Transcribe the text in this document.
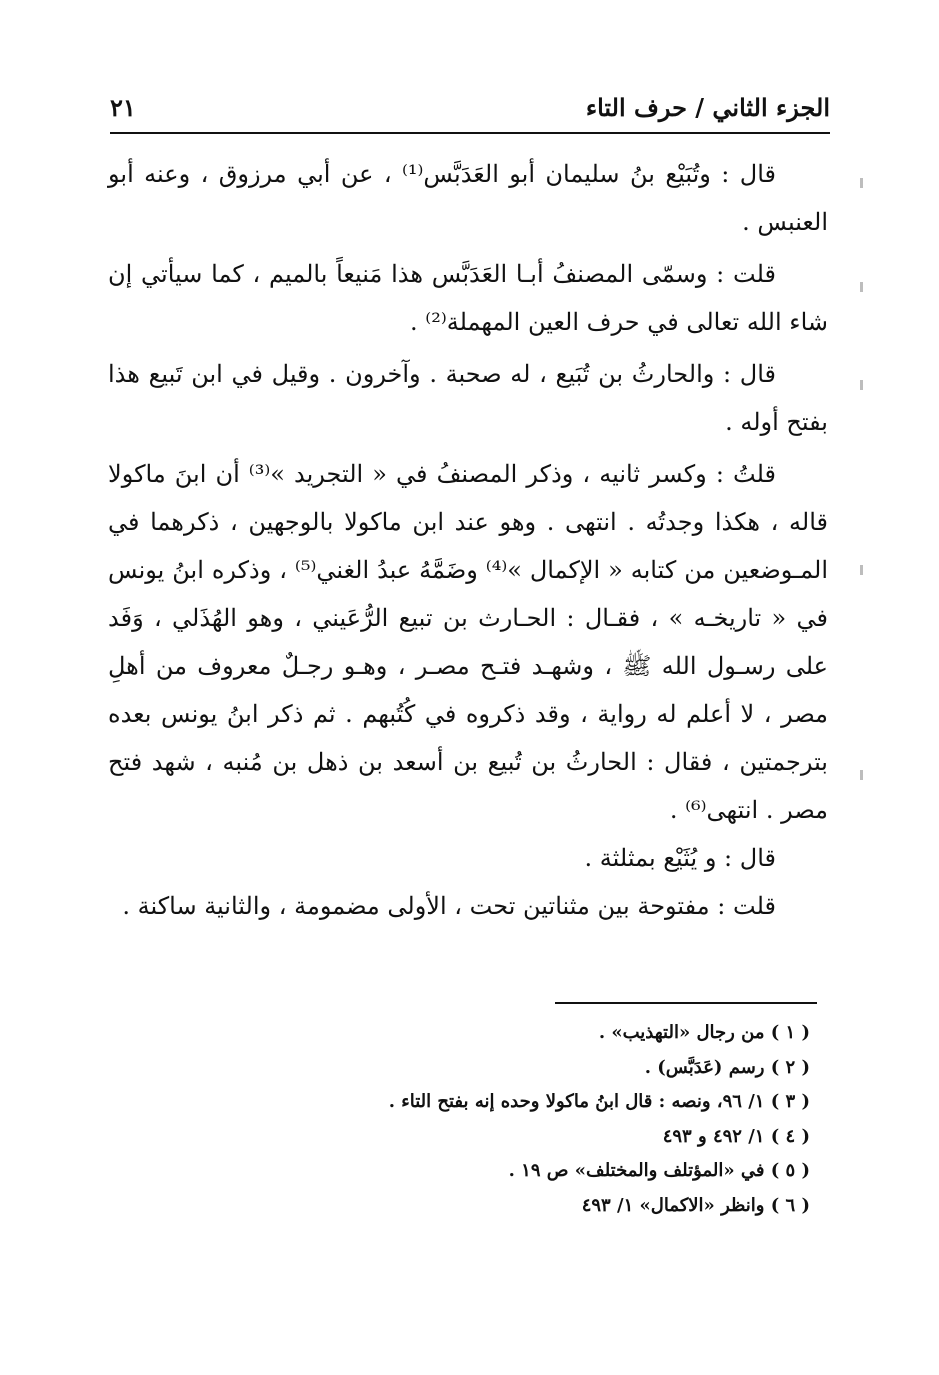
الجزء الثاني / حرف التاء
٢١

قال : وتُبَيْع بنُ سليمان أبو العَدَبَّس⁽¹⁾ ، عن أبي مرزوق ، وعنه أبو العنبس .

قلت : وسمّى المصنفُ أبـا العَدَبَّس هذا مَنيعاً بالميم ، كما سيأتي إن شاء الله تعالى في حرف العين المهملة⁽²⁾ .

قال : والحارثُ بن تُبَيع ، له صحبة . وآخرون . وقيل في ابن تَبيع هذا بفتح أوله .

قلتُ : وكسر ثانيه ، وذكر المصنفُ في « التجريد »⁽³⁾ أن ابنَ ماكولا قاله ، هكذا وجدتُه . انتهى . وهو عند ابن ماكولا بالوجهين ، ذكرهما في المـوضعين من كتابه « الإكمال »⁽⁴⁾ وضَمَّهُ عبدُ الغني⁽⁵⁾ ، وذكره ابنُ يونس في « تاريخـه » ، فقـال : الحـارث بن تبيع الرُّعَيني ، وهو الهُذَلي ، وَفَد على رسـول الله ﷺ ، وشهـد فتـح مصـر ، وهـو رجـلٌ معروف من أهلِ مصر ، لا أعلم له رواية ، وقد ذكروه في كُتُبهم . ثم ذكر ابنُ يونس بعده بترجمتين ، فقال : الحارثُ بن تُبيع بن أسعد بن ذهل بن مُنبه ، شهد فتح مصر . انتهى⁽⁶⁾ .

قال : و يُثَيْع بمثلثة .

قلت : مفتوحة بين مثناتين تحت ، الأولى مضمومة ، والثانية ساكنة .

( ١ ) من رجال «التهذيب» .
( ٢ ) رسم (عَدَبَّس) .
( ٣ ) ١/ ٩٦، ونصه : قال ابنُ ماكولا وحده إنه بفتح التاء .
( ٤ ) ١/ ٤٩٢ و ٤٩٣
( ٥ ) في «المؤتلف والمختلف» ص ١٩ .
( ٦ ) وانظر «الاكمال» ١/ ٤٩٣
